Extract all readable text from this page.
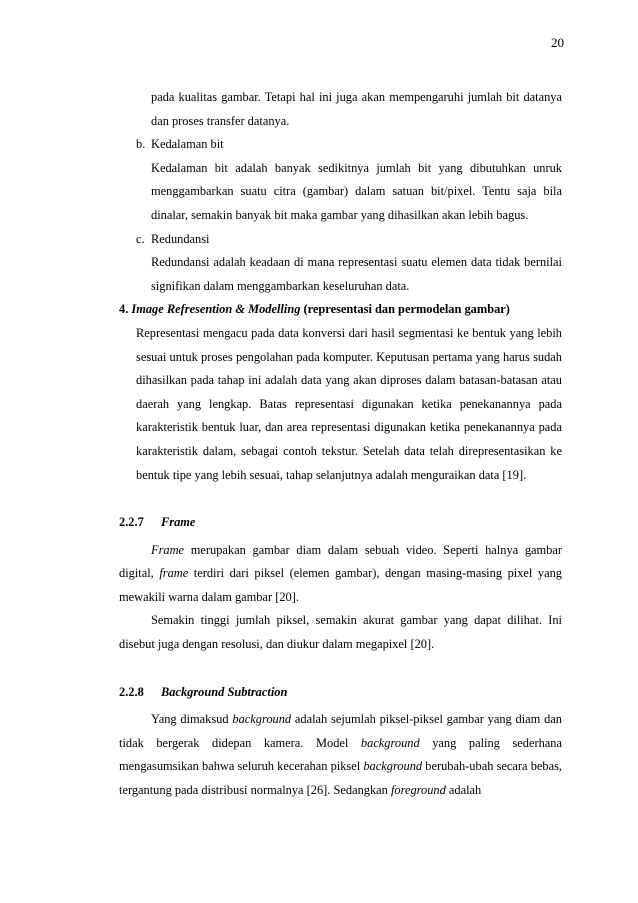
20

pada kualitas gambar. Tetapi hal ini juga akan mempengaruhi jumlah bit datanya dan proses transfer datanya.

b. Kedalaman bit

Kedalaman bit adalah banyak sedikitnya jumlah bit yang dibutuhkan unruk menggambarkan suatu citra (gambar) dalam satuan bit/pixel. Tentu saja bila dinalar, semakin banyak bit maka gambar yang dihasilkan akan lebih bagus.

c. Redundansi

Redundansi adalah keadaan di mana representasi suatu elemen data tidak bernilai signifikan dalam menggambarkan keseluruhan data.

4. Image Refresention & Modelling (representasi dan permodelan gambar)

Representasi mengacu pada data konversi dari hasil segmentasi ke bentuk yang lebih sesuai untuk proses pengolahan pada komputer. Keputusan pertama yang harus sudah dihasilkan pada tahap ini adalah data yang akan diproses dalam batasan-batasan atau daerah yang lengkap. Batas representasi digunakan ketika penekanannya pada karakteristik bentuk luar, dan area representasi digunakan ketika penekanannya pada karakteristik dalam, sebagai contoh tekstur. Setelah data telah direpresentasikan ke bentuk tipe yang lebih sesuai, tahap selanjutnya adalah menguraikan data [19].

2.2.7 Frame

Frame merupakan gambar diam dalam sebuah video. Seperti halnya gambar digital, frame terdiri dari piksel (elemen gambar), dengan masing-masing pixel yang mewakili warna dalam gambar [20].

Semakin tinggi jumlah piksel, semakin akurat gambar yang dapat dilihat. Ini disebut juga dengan resolusi, dan diukur dalam megapixel [20].

2.2.8 Background Subtraction

Yang dimaksud background adalah sejumlah piksel-piksel gambar yang diam dan tidak bergerak didepan kamera. Model background yang paling sederhana mengasumsikan bahwa seluruh kecerahan piksel background berubah-ubah secara bebas, tergantung pada distribusi normalnya [26]. Sedangkan foreground adalah
